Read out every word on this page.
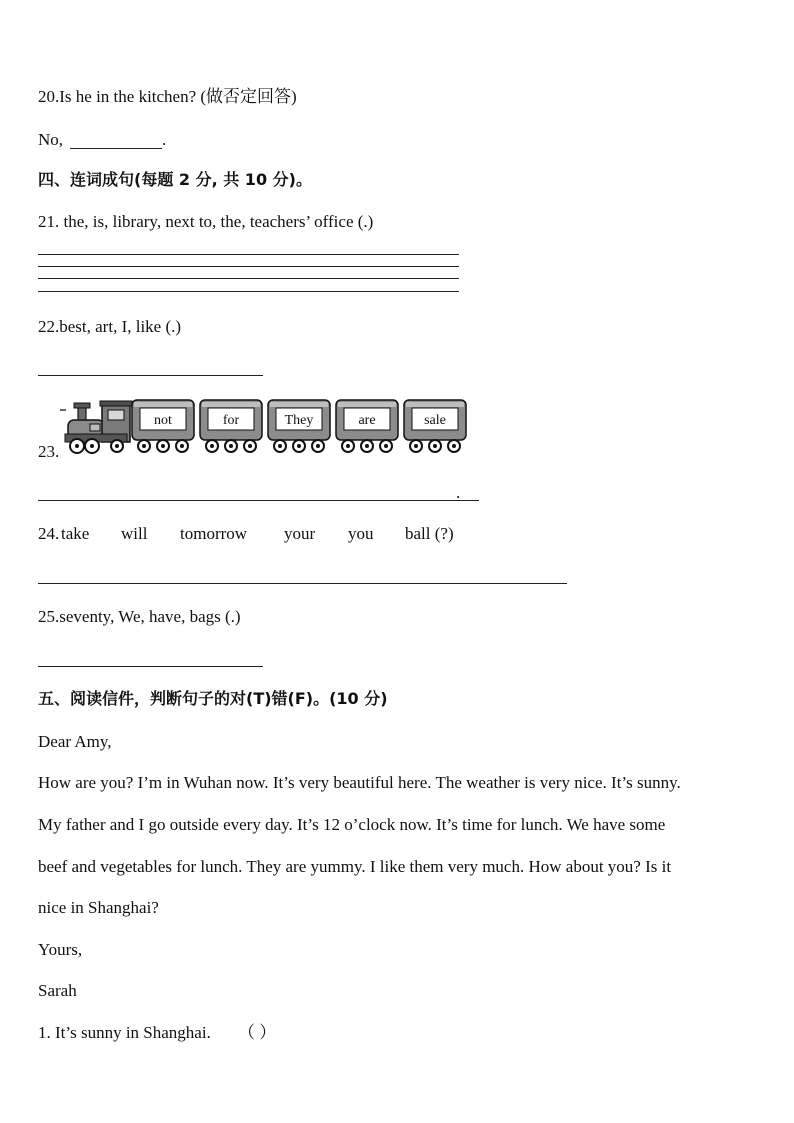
20.Is he in the kitchen? (做否定回答)
No,	.
四、连词成句(每题 2 分, 共 10 分)。
21. the, is, library, next to, the, teachers’ office (.)
22.best, art, I, like (.)
23.
not	for	They	are	sale
.
24. take will tomorrow your you ball (?)
25.seventy, We, have, bags (.)
五、阅读信件，判断句子的对(T)错(F)。(10 分)
Dear Amy,
How are you? I’m in Wuhan now. It’s very beautiful here. The weather is very nice. It’s sunny.
My father and I go outside every day. It’s 12 o’clock now. It’s time for lunch. We have some
beef and vegetables for lunch. They are yummy. I like them very much. How about you? Is it
nice in Shanghai?
Yours,
Sarah
1. It’s sunny in Shanghai. （ ）
